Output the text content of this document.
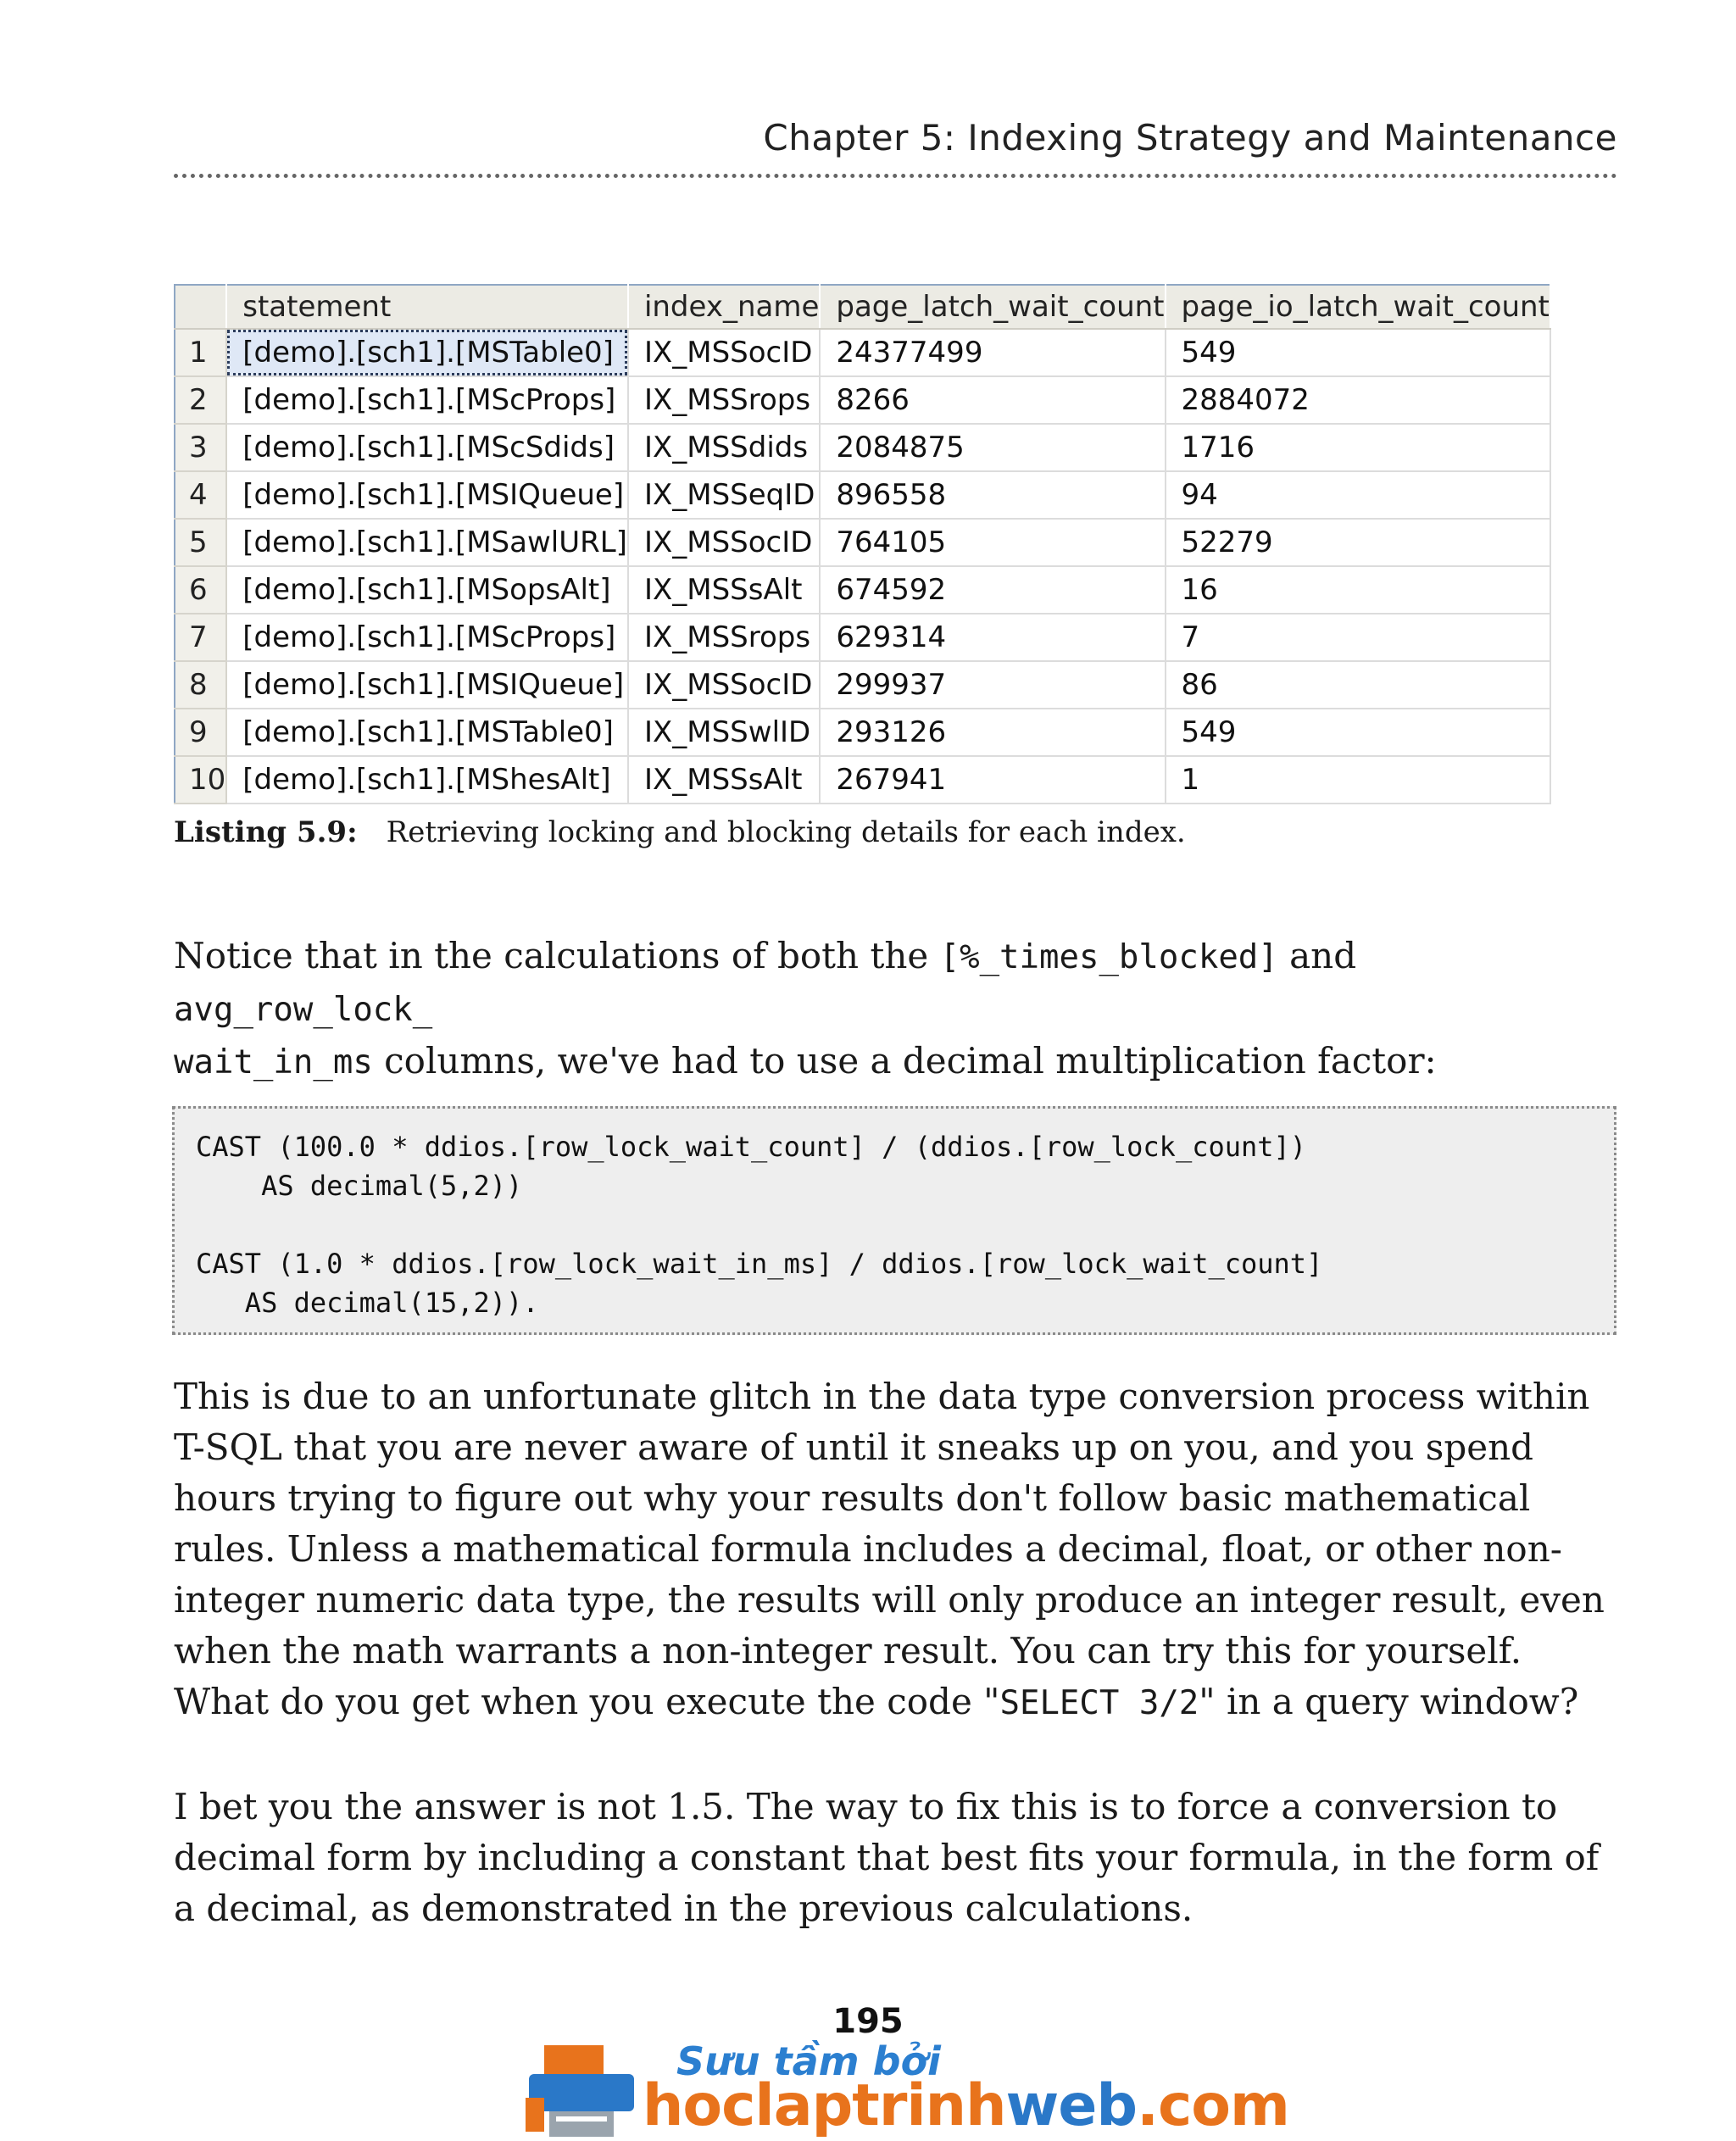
Chapter 5: Indexing Strategy and Maintenance
	statement	index_name	page_latch_wait_count	page_io_latch_wait_count
1	[demo].[sch1].[MSTable0]	IX_MSSocID	24377499	549
2	[demo].[sch1].[MScProps]	IX_MSSrops	8266	2884072
3	[demo].[sch1].[MScSdids]	IX_MSSdids	2084875	1716
4	[demo].[sch1].[MSIQueue]	IX_MSSeqID	896558	94
5	[demo].[sch1].[MSawlURL]	IX_MSSocID	764105	52279
6	[demo].[sch1].[MSopsAlt]	IX_MSSsAlt	674592	16
7	[demo].[sch1].[MScProps]	IX_MSSrops	629314	7
8	[demo].[sch1].[MSIQueue]	IX_MSSocID	299937	86
9	[demo].[sch1].[MSTable0]	IX_MSSwlID	293126	549
10	[demo].[sch1].[MShesAlt]	IX_MSSsAlt	267941	1
Listing 5.9: Retrieving locking and blocking details for each index.
Notice that in the calculations of both the [%_times_blocked] and avg_row_lock_
wait_in_ms columns, we've had to use a decimal multiplication factor:
CAST (100.0 * ddios.[row_lock_wait_count] / (ddios.[row_lock_count])
AS decimal(5,2))

CAST (1.0 * ddios.[row_lock_wait_in_ms] / ddios.[row_lock_wait_count]
AS decimal(15,2)).
This is due to an unfortunate glitch in the data type conversion process within T-SQL that you are never aware of until it sneaks up on you, and you spend hours trying to figure out why your results don't follow basic mathematical rules. Unless a mathematical formula includes a decimal, float, or other non-integer numeric data type, the results will only produce an integer result, even when the math warrants a non-integer result. You can try this for yourself. What do you get when you execute the code "SELECT 3/2" in a query window?
I bet you the answer is not 1.5. The way to fix this is to force a conversion to decimal form by including a constant that best fits your formula, in the form of a decimal, as demonstrated in the previous calculations.
195
Sưu tầm bởi
hoclaptrinhweb.com
